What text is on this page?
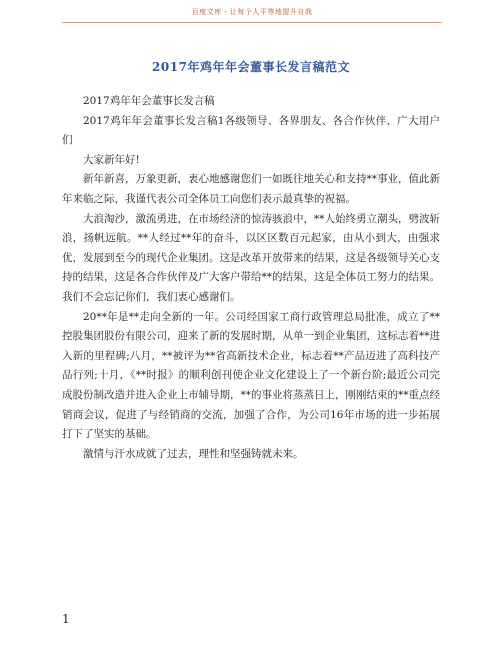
百度文库 - 让每个人平等地提升自我
2017年鸡年年会董事长发言稿范文

2017鸡年年会董事长发言稿

2017鸡年年会董事长发言稿1各级领导、各界朋友、各合作伙伴、广大用户们

大家新年好!

新年新喜，万象更新，衷心地感谢您们一如既往地关心和支持**事业，值此新年来临之际，我谨代表公司全体员工向您们表示最真挚的祝福。

大浪淘沙，激流勇进，在市场经济的惊涛骇浪中，**人始终勇立潮头，劈波斩浪，扬帆远航。**人经过**年的奋斗，以区区数百元起家，由从小到大，由强求优，发展到至今的现代企业集团。这是改革开放带来的结果，这是各级领导关心支持的结果，这是各合作伙伴及广大客户带给**的结果，这是全体员工努力的结果。我们不会忘记你们，我们衷心感谢们。

20**年是**走向全新的一年。公司经国家工商行政管理总局批准，成立了**控股集团股份有限公司，迎来了新的发展时期，从单一到企业集团，这标志着**进入新的里程碑;八月，**被评为**省高新技术企业，标志着**产品迈进了高科技产品行列;十月，《**时报》的顺利创刊使企业文化建设上了一个新台阶;最近公司完成股份制改造并进入企业上市辅导期，**的事业将蒸蒸日上，刚刚结束的**重点经销商会议，促进了与经销商的交流，加强了合作，为公司16年市场的进一步拓展打下了坚实的基础。

激情与汗水成就了过去，理性和坚强铸就未来。

1
